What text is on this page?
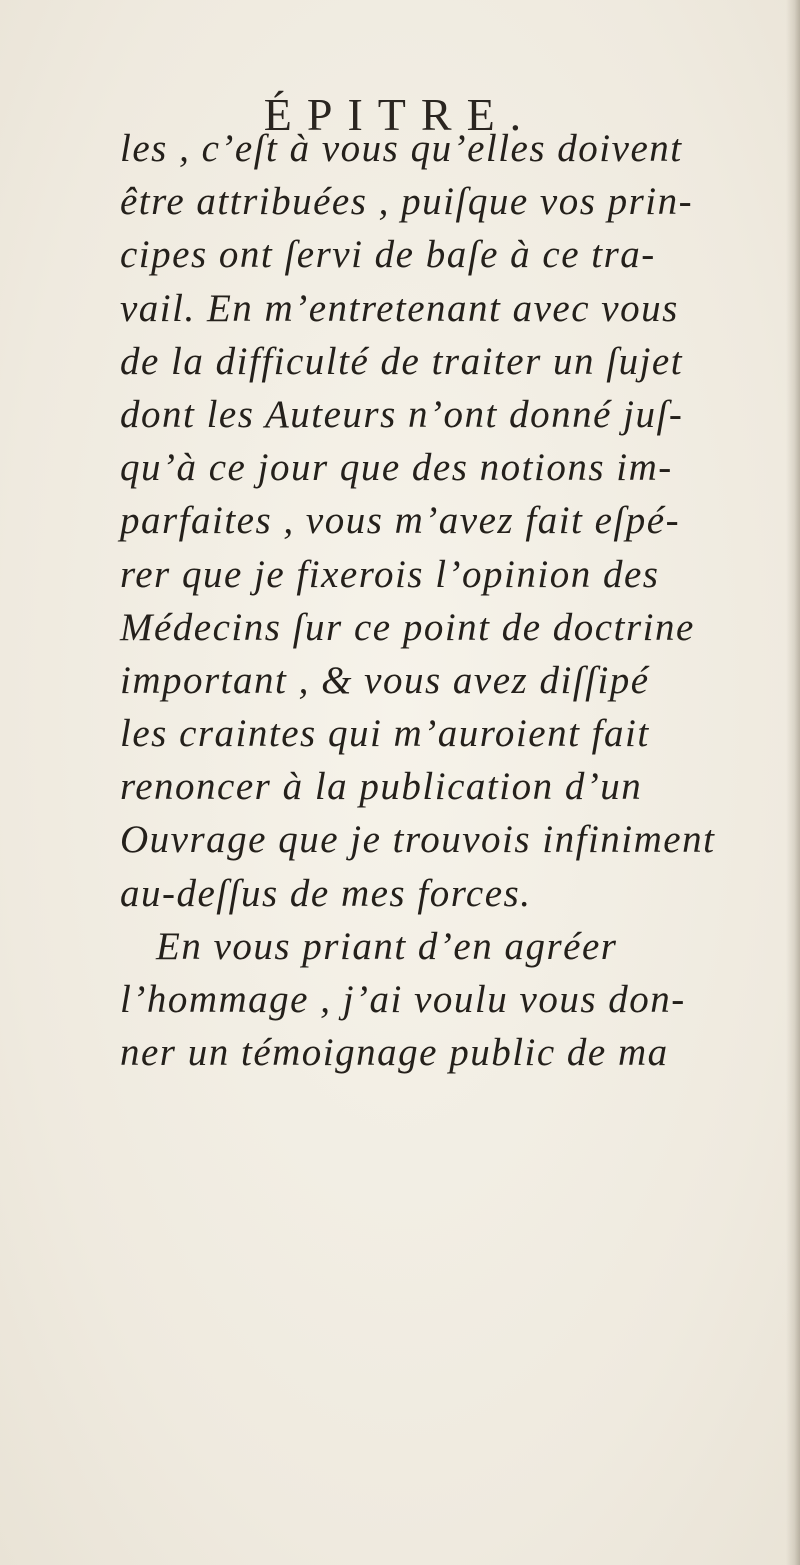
ÉPITRE.
les , c’eſt à vous qu’elles doivent
être attribuées , puiſque vos prin-
cipes ont ſervi de baſe à ce tra-
vail. En m’entretenant avec vous
de la difficulté de traiter un ſujet
dont les Auteurs n’ont donné juſ-
qu’à ce jour que des notions im-
parfaites , vous m’avez fait eſpé-
rer que je fixerois l’opinion des
Médecins ſur ce point de doctrine
important , & vous avez diſſipé
les craintes qui m’auroient fait
renoncer à la publication d’un
Ouvrage que je trouvois infiniment
au-deſſus de mes forces.
En vous priant d’en agréer
l’hommage , j’ai voulu vous don-
ner un témoignage public de ma
